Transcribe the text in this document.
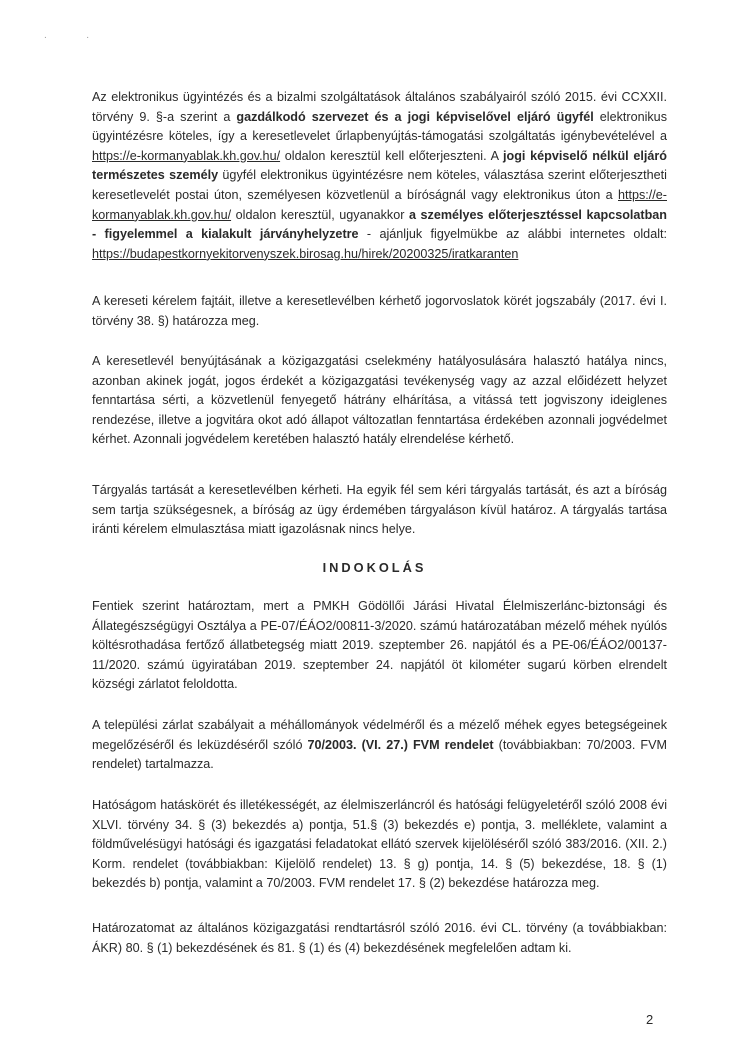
.	·

Az elektronikus ügyintézés és a bizalmi szolgáltatások általános szabályairól szóló 2015. évi CCXXII. törvény 9. §-a szerint a gazdálkodó szervezet és a jogi képviselővel eljáró ügyfél elektronikus ügyintézésre köteles, így a keresetlevelet űrlapbenyújtás-támogatási szolgáltatás igénybevételével a https://e-kormanyablak.kh.gov.hu/ oldalon keresztül kell előterjeszteni. A jogi képviselő nélkül eljáró természetes személy ügyfél elektronikus ügyintézésre nem köteles, választása szerint előterjesztheti keresetlevelét postai úton, személyesen közvetlenül a bíróságnál vagy elektronikus úton a https://e-kormanyablak.kh.gov.hu/ oldalon keresztül, ugyanakkor a személyes előterjesztéssel kapcsolatban - figyelemmel a kialakult járványhelyzetre - ajánljuk figyelmükbe az alábbi internetes oldalt: https://budapestkornyekitorvenyszek.birosag.hu/hirek/20200325/iratkaranten

A kereseti kérelem fajtáit, illetve a keresetlevélben kérhető jogorvoslatok körét jogszabály (2017. évi I. törvény 38. §) határozza meg.

A keresetlevél benyújtásának a közigazgatási cselekmény hatályosulására halasztó hatálya nincs, azonban akinek jogát, jogos érdekét a közigazgatási tevékenység vagy az azzal előidézett helyzet fenntartása sérti, a közvetlenül fenyegető hátrány elhárítása, a vitássá tett jogviszony ideiglenes rendezése, illetve a jogvitára okot adó állapot változatlan fenntartása érdekében azonnali jogvédelmet kérhet. Azonnali jogvédelem keretében halasztó hatály elrendelése kérhető.

Tárgyalás tartását a keresetlevélben kérheti. Ha egyik fél sem kéri tárgyalás tartását, és azt a bíróság sem tartja szükségesnek, a bíróság az ügy érdemében tárgyaláson kívül határoz. A tárgyalás tartása iránti kérelem elmulasztása miatt igazolásnak nincs helye.

INDOKOLÁS

Fentiek szerint határoztam, mert a PMKH Gödöllői Járási Hivatal Élelmiszerlánc-biztonsági és Állategészségügyi Osztálya a PE-07/ÉÁO2/00811-3/2020. számú határozatában mézelő méhek nyúlós költésrothadása fertőző állatbetegség miatt 2019. szeptember 26. napjától és a PE-06/ÉÁO2/00137-11/2020. számú ügyiratában 2019. szeptember 24. napjától öt kilométer sugarú körben elrendelt községi zárlatot feloldotta.

A települési zárlat szabályait a méhállományok védelméről és a mézelő méhek egyes betegségeinek megelőzéséről és leküzdéséről szóló 70/2003. (VI. 27.) FVM rendelet (továbbiakban: 70/2003. FVM rendelet) tartalmazza.

Hatóságom hatáskörét és illetékességét, az élelmiszerláncról és hatósági felügyeletéről szóló 2008 évi XLVI. törvény 34. § (3) bekezdés a) pontja, 51.§ (3) bekezdés e) pontja, 3. melléklete, valamint a földművelésügyi hatósági és igazgatási feladatokat ellátó szervek kijelöléséről szóló 383/2016. (XII. 2.) Korm. rendelet (továbbiakban: Kijelölő rendelet) 13. § g) pontja, 14. § (5) bekezdése, 18. § (1) bekezdés b) pontja, valamint a 70/2003. FVM rendelet 17. § (2) bekezdése határozza meg.

Határozatomat az általános közigazgatási rendtartásról szóló 2016. évi CL. törvény (a továbbiakban: ÁKR) 80. § (1) bekezdésének és 81. § (1) és (4) bekezdésének megfelelően adtam ki.

2
